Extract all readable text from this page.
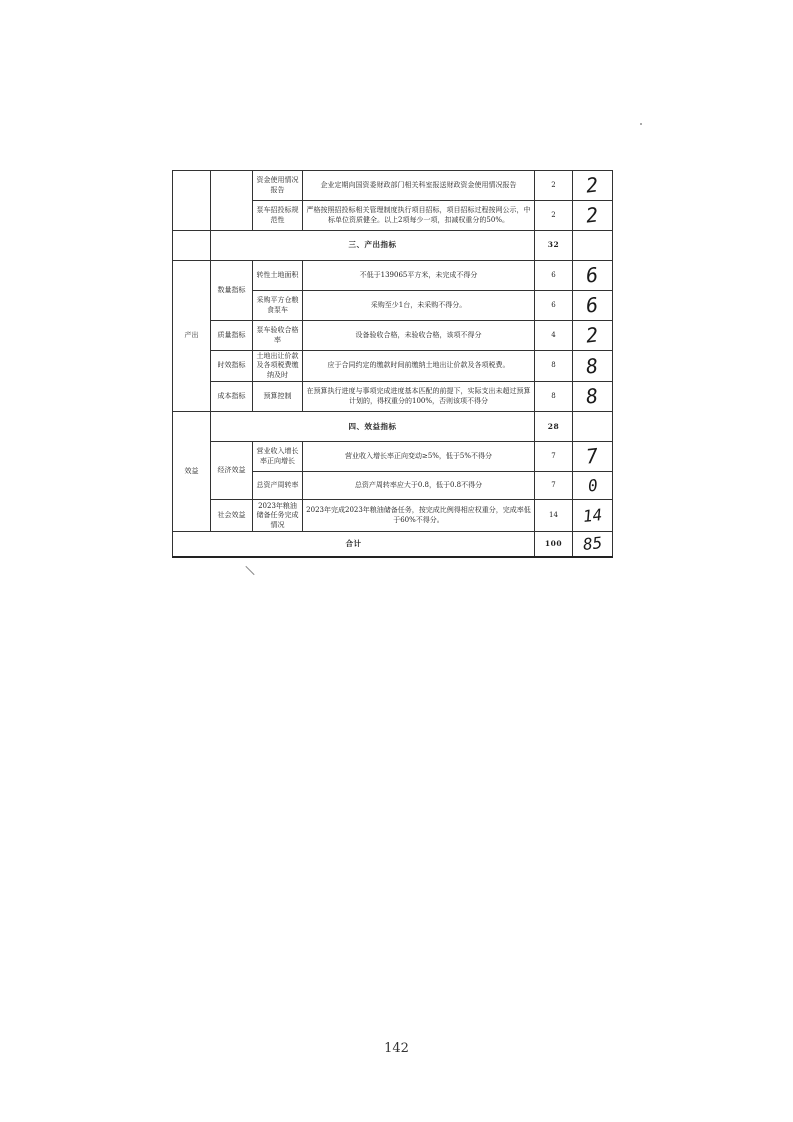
		资金使用情况报告	企业定期向国资委财政部门相关科室报送财政资金使用情况报告	2	2
		泵车招投标规范性	严格按照招投标相关管理制度执行项目招标，项目招标过程按网公示，中标单位资质健全。以上2项每少一项，扣减权重分的50%。	2	2
	三、产出指标			32	
产出	数量指标	转性土地面积	不低于139065平方米，未完成不得分	6	6
		采购平方仓粮食泵车	采购至少1台，未采购不得分。	6	6
	质量指标	泵车验收合格率	设备验收合格，未验收合格，该项不得分	4	2
	时效指标	土地出让价款及各项税费缴纳及时	应于合同约定的缴款时间前缴纳土地出让价款及各项税费。	8	8
	成本指标	预算控制	在预算执行进度与事项完成进度基本匹配的前提下，实际支出未超过预算计划的，得权重分的100%，否则该项不得分	8	8
效益	四、效益指标			28	
	经济效益	营业收入增长率正向增长	营业收入增长率正向变动≥5%，低于5%不得分	7	7
		总资产周转率	总资产周转率应大于0.8，低于0.8不得分	7	0
	社会效益	2023年粮油储备任务完成情况	2023年完成2023年粮油储备任务，按完成比例得相应权重分，完成率低于60%不得分。	14	14
合计				100	85
142
